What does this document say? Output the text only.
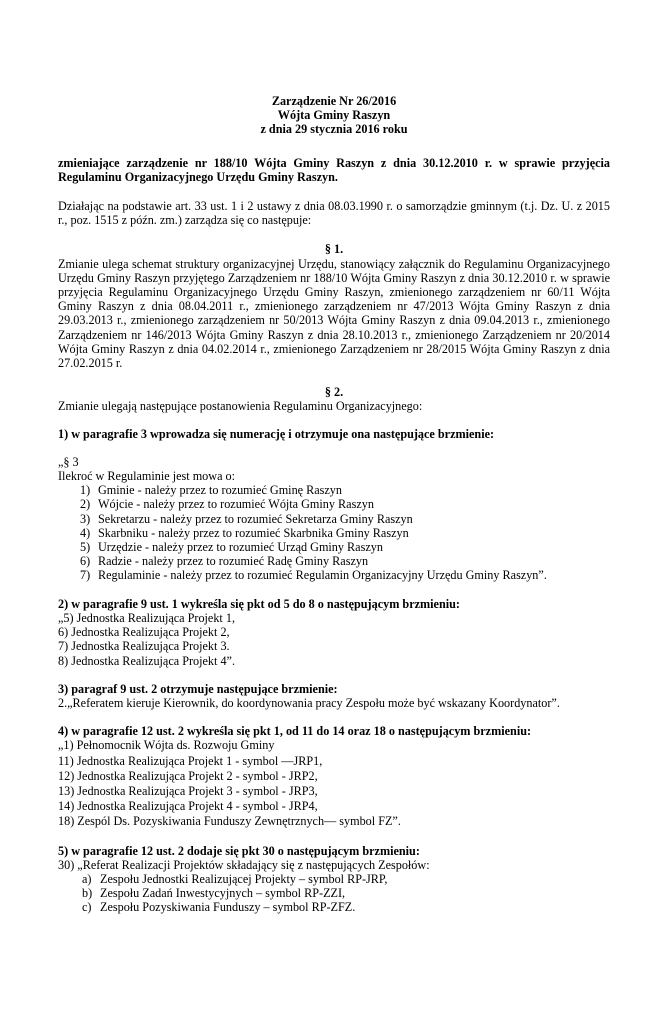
Zarządzenie Nr 26/2016

Wójta Gminy Raszyn

z dnia 29 stycznia 2016 roku

zmieniające zarządzenie nr 188/10 Wójta Gminy Raszyn z dnia 30.12.2010 r. w sprawie przyjęcia Regulaminu Organizacyjnego Urzędu Gminy Raszyn.

Działając na podstawie art. 33 ust. 1 i 2 ustawy z dnia 08.03.1990 r. o samorządzie gminnym (t.j. Dz. U. z 2015 r., poz. 1515 z późn. zm.) zarządza się co następuje:

§ 1.

Zmianie ulega schemat struktury organizacyjnej Urzędu, stanowiący załącznik do Regulaminu Organizacyjnego Urzędu Gminy Raszyn przyjętego Zarządzeniem nr 188/10 Wójta Gminy Raszyn z dnia 30.12.2010 r. w sprawie przyjęcia Regulaminu Organizacyjnego Urzędu Gminy Raszyn, zmienionego zarządzeniem nr 60/11 Wójta Gminy Raszyn z dnia 08.04.2011 r., zmienionego zarządzeniem nr 47/2013 Wójta Gminy Raszyn z dnia 29.03.2013 r., zmienionego zarządzeniem nr 50/2013 Wójta Gminy Raszyn z dnia 09.04.2013 r., zmienionego Zarządzeniem nr 146/2013 Wójta Gminy Raszyn z dnia 28.10.2013 r., zmienionego Zarządzeniem nr 20/2014 Wójta Gminy Raszyn z dnia 04.02.2014 r., zmienionego Zarządzeniem nr 28/2015 Wójta Gminy Raszyn z dnia 27.02.2015 r.

§ 2.

Zmianie ulegają następujące postanowienia Regulaminu Organizacyjnego:

1) w paragrafie 3 wprowadza się numerację i otrzymuje ona następujące brzmienie:

„§ 3

Ilekroć w Regulaminie jest mowa o:

1) Gminie - należy przez to rozumieć Gminę Raszyn
2) Wójcie - należy przez to rozumieć Wójta Gminy Raszyn
3) Sekretarzu - należy przez to rozumieć Sekretarza Gminy Raszyn
4) Skarbniku - należy przez to rozumieć Skarbnika Gminy Raszyn
5) Urzędzie - należy przez to rozumieć Urząd Gminy Raszyn
6) Radzie - należy przez to rozumieć Radę Gminy Raszyn
7) Regulaminie - należy przez to rozumieć Regulamin Organizacyjny Urzędu Gminy Raszyn”.

2) w paragrafie 9 ust. 1 wykreśla się pkt od 5 do 8 o następującym brzmieniu:

„5) Jednostka Realizująca Projekt 1,

6) Jednostka Realizująca Projekt 2,

7) Jednostka Realizująca Projekt 3.

8) Jednostka Realizująca Projekt 4”.

3) paragraf 9 ust. 2 otrzymuje następujące brzmienie:

2.„Referatem kieruje Kierownik, do koordynowania pracy Zespołu może być wskazany Koordynator”.

4) w paragrafie 12 ust. 2 wykreśla się pkt 1, od 11 do 14 oraz 18 o następującym brzmieniu:

„1) Pełnomocnik Wójta ds. Rozwoju Gminy

11) Jednostka Realizująca Projekt 1 - symbol —JRP1,

12) Jednostka Realizująca Projekt 2 - symbol - JRP2,

13) Jednostka Realizująca Projekt 3 - symbol - JRP3,

14) Jednostka Realizująca Projekt 4 - symbol - JRP4,

18) Zespól Ds. Pozyskiwania Funduszy Zewnętrznych— symbol FZ”.

5) w paragrafie 12 ust. 2 dodaje się pkt 30 o następującym brzmieniu:

30) „Referat Realizacji Projektów składający się z następujących Zespołów:

a) Zespołu Jednostki Realizującej Projekty – symbol RP-JRP,
b) Zespołu Zadań Inwestycyjnych – symbol RP-ZZI,
c) Zespołu Pozyskiwania Funduszy – symbol RP-ZFZ.
